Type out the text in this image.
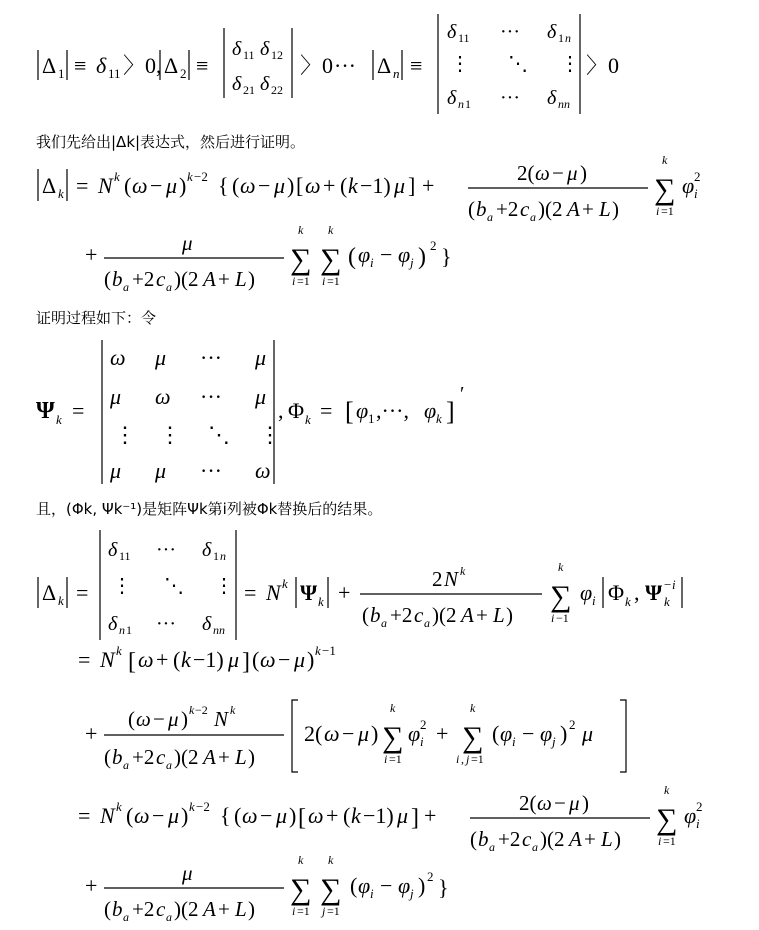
Δ 1 ≡ δ 11 〉0, Δ 2 ≡
δ 11 δ 12
δ 21 δ 22
〉0 ··· Δ n ≡
δ 11 ··· δ 1 n
⋮ ⋱ ⋮
δ n 1 ··· δ nn
〉0
我们先给出|Δk|表达式，然后进行证明。
Δ k = N k ( ω − μ ) k −2 { ( ω − μ ) [ ω + ( k −1) μ ] +	2( ω − μ )
( b a +2 c a )(2 A + L )
k
∑
i =1
φ i
2
+	μ
( b a +2 c a )(2 A + L )
k
∑
i =1
k
∑
i =1
( φ i − φ j ) 2 }
证明过程如下：令
Ψ k =
ω μ ··· μ
μ ω ··· μ
⋮ ⋮ ⋱ ⋮
μ μ ··· ω
, Φ k = [ φ 1 ,···, φ k ]
′
且，(Φk, Ψk⁻¹)是矩阵Ψk第i列被Φk替换后的结果。
Δ k =
δ 11 ··· δ 1 n
⋮ ⋱ ⋮
δ n 1 ··· δ nn
= N k Ψ k +
2 N k
( b a +2 c a )(2 A + L )
k
∑
i −1
φ i Φ k , Ψ k
− i
= N k [ ω + ( k −1) μ ] ( ω − μ ) k −1
+
( ω − μ ) k −2 N k
( b a +2 c a )(2 A + L )
2( ω − μ )
k
∑
i =1
φ i
2 +
k
∑
i , j =1
( φ i − φ j ) 2 μ
= N k ( ω − μ ) k −2 { ( ω − μ ) [ ω + ( k −1) μ ] +	2( ω − μ )
( b a +2 c a )(2 A + L )
k
∑
i =1
φ i
2
+	μ
( b a +2 c a )(2 A + L )
k
∑
i =1
k
∑
j =1
( φ i − φ j ) 2 }
